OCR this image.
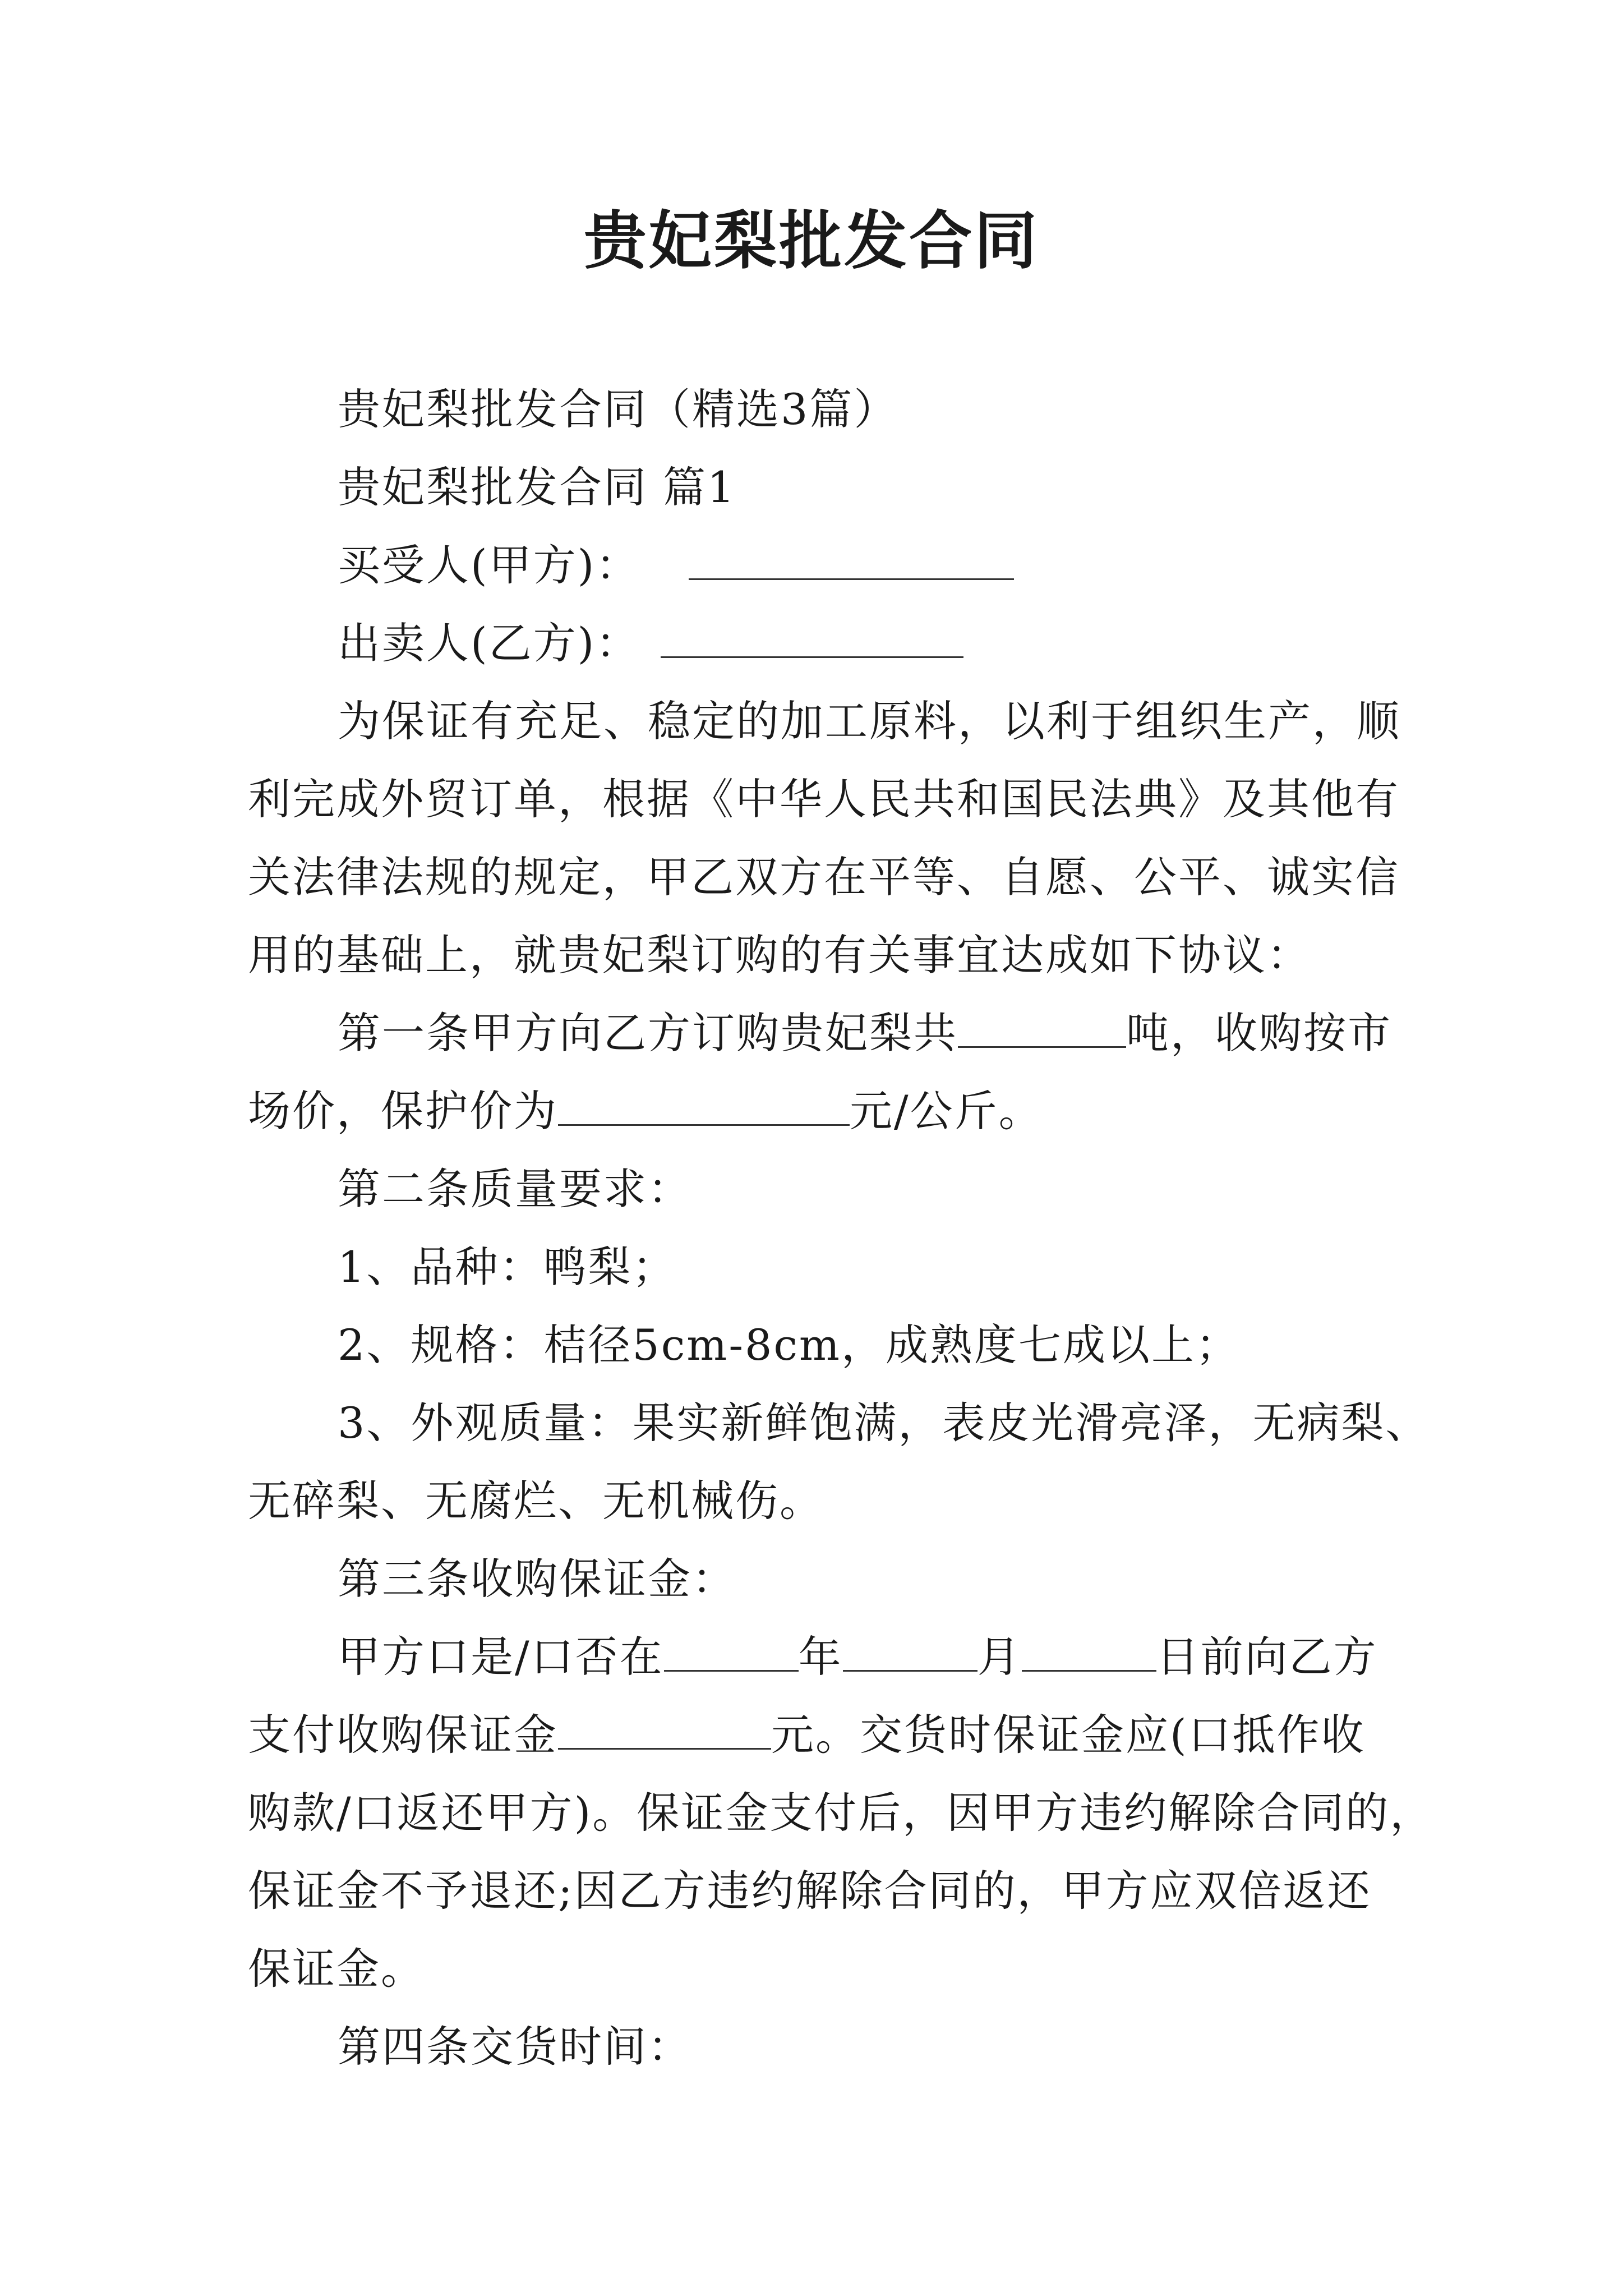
贵妃梨批发合同
贵妃梨批发合同（精选3篇）
贵妃梨批发合同 篇1
买受人(甲方)：
出卖人(乙方)：
为保证有充足、稳定的加工原料，以利于组织生产，顺
利完成外贸订单，根据《中华人民共和国民法典》及其他有
关法律法规的规定，甲乙双方在平等、自愿、公平、诚实信
用的基础上，就贵妃梨订购的有关事宜达成如下协议：
第一条甲方向乙方订购贵妃梨共	吨，收购按市
场价，保护价为	元/公斤。
第二条质量要求：
1、品种：鸭梨；
2、规格：桔径5cm-8cm，成熟度七成以上；
3、外观质量：果实新鲜饱满，表皮光滑亮泽，无病梨、
无碎梨、无腐烂、无机械伤。
第三条收购保证金：
甲方口是/口否在	年	月	日前向乙方
支付收购保证金	元。交货时保证金应(口抵作收
购款/口返还甲方)。保证金支付后，因甲方违约解除合同的，
保证金不予退还;因乙方违约解除合同的，甲方应双倍返还
保证金。
第四条交货时间：
